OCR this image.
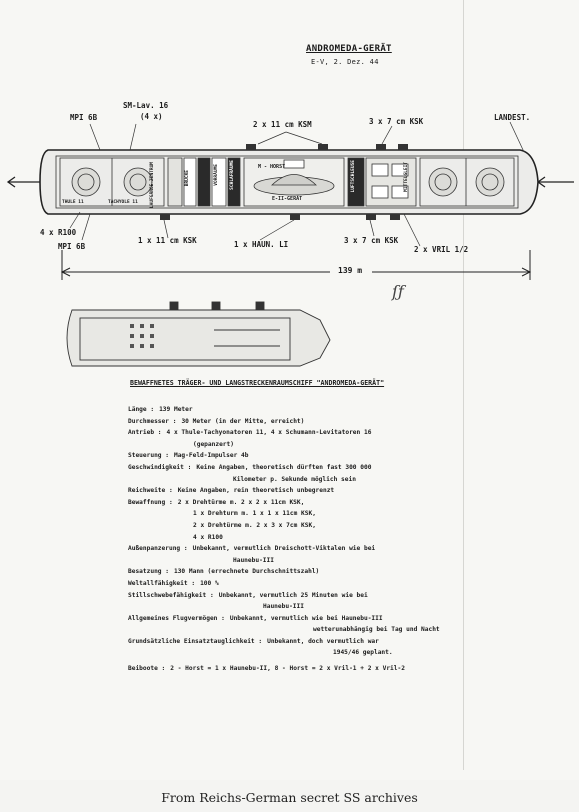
ANDROMEDA-GERÄT
E-V, 2. Dez. 44
MPI 6B
SM-Lav. 16
(4 x)
2 x 11 cm KSM	3 x 7 cm KSK	LANDEST.
4 x R100
MPI 6B
1 x 11 cm KSK	1 x HAUN. LI	3 x 7 cm KSK
2 x VRIL 1/2
139 m
M - HORST
E-II-GERÄT
THULE 11	TACHYOLE 11	LAUFGÄNGE-ZENTRUM	BRÜCKE	VORRÄUME SCHLAFRÄUME	LUFTSCHLEUSE	MITTELGLEIT
ſƒ
BEWAFFNETES TRÄGER- UND LANGSTRECKENRAUMSCHIFF "ANDROMEDA-GERÄT"
Länge : 139 Meter
Durchmesser : 30 Meter (in der Mitte, erreicht)
Antrieb : 4 x Thule-Tachyonatoren 11, 4 x Schumann-Levitatoren 16
(gepanzert)
Steuerung : Mag-Feld-Impulser 4b
Geschwindigkeit : Keine Angaben, theoretisch dürften fast 300 000
Kilometer p. Sekunde möglich sein
Reichweite : Keine Angaben, rein theoretisch unbegrenzt
Bewaffnung : 2 x Drehtürme m. 2 x 2 x 11cm KSK,
1 x Drehturm m. 1 x 1 x 11cm KSK,
2 x Drehtürme m. 2 x 3 x 7cm KSK,
4 x R100
Außenpanzerung : Unbekannt, vermutlich Dreischott-Viktalen wie bei
Haunebu-III
Besatzung : 130 Mann (errechnete Durchschnittszahl)
Weltallfähigkeit : 100 %
Stillschwebefähigkeit : Unbekannt, vermutlich 25 Minuten wie bei
Haunebu-III
Allgemeines Flugvermögen : Unbekannt, vermutlich wie bei Haunebu-III
wetterunabhängig bei Tag und Nacht
Grundsätzliche Einsatztauglichkeit : Unbekannt, doch vermutlich war
1945/46 geplant.
Beiboote : 2 - Horst = 1 x Haunebu-II, 8 - Horst = 2 x Vril-1 + 2 x Vril-2
From Reichs-German secret SS archives
